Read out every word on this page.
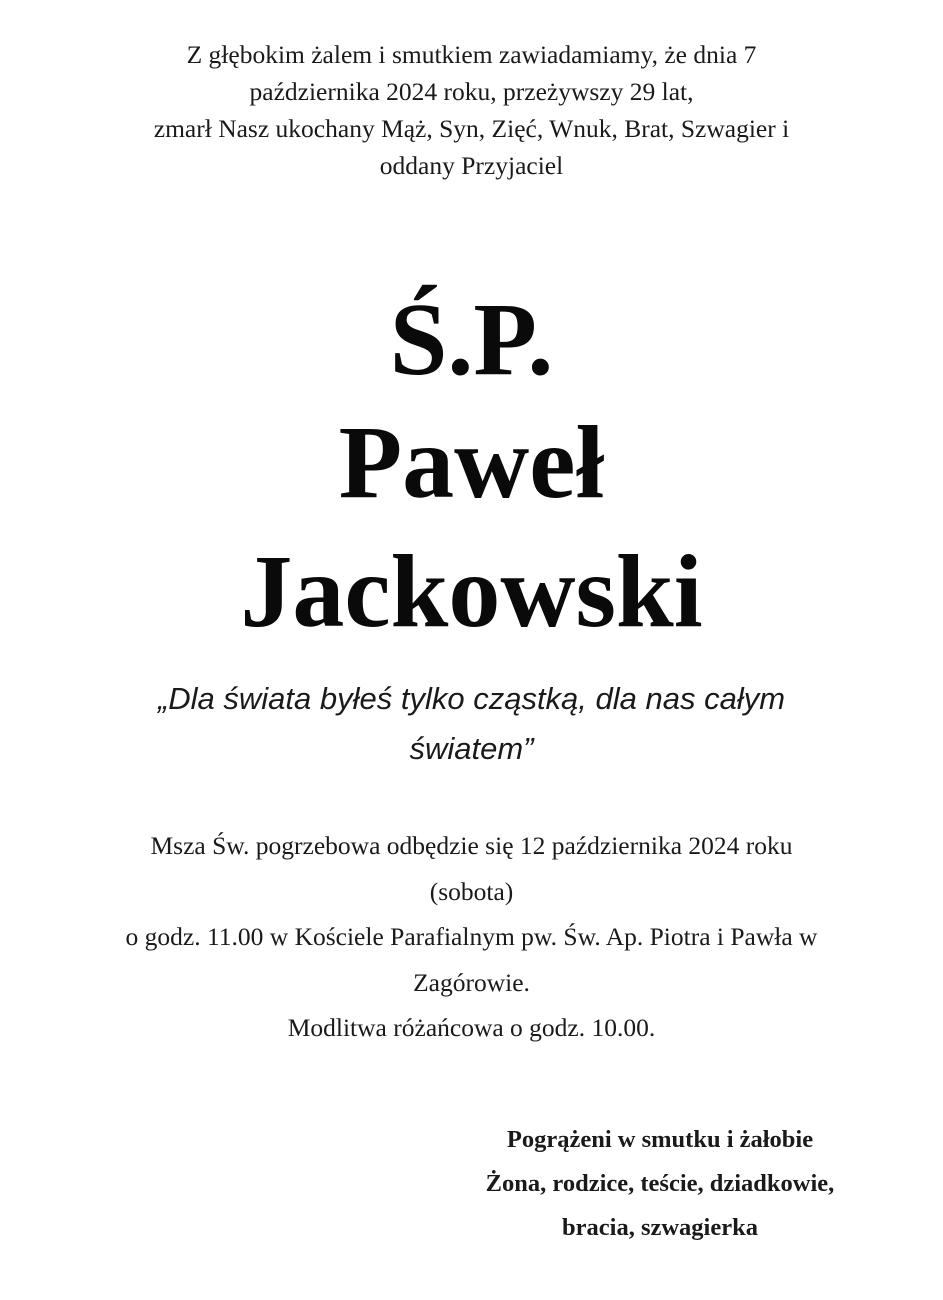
Z głębokim żalem i smutkiem zawiadamiamy, że dnia 7
października 2024 roku, przeżywszy 29 lat,
zmarł Nasz ukochany Mąż, Syn, Zięć, Wnuk, Brat, Szwagier i
oddany Przyjaciel
Ś.P.
Paweł
Jackowski
„Dla świata byłeś tylko cząstką, dla nas całym
światem”
Msza Św. pogrzebowa odbędzie się 12 października 2024 roku
(sobota)
o godz. 11.00 w Kościele Parafialnym pw. Św. Ap. Piotra i Pawła w
Zagórowie.
Modlitwa różańcowa o godz. 10.00.
Pogrążeni w smutku i żałobie
Żona, rodzice, teście, dziadkowie,
bracia, szwagierka
